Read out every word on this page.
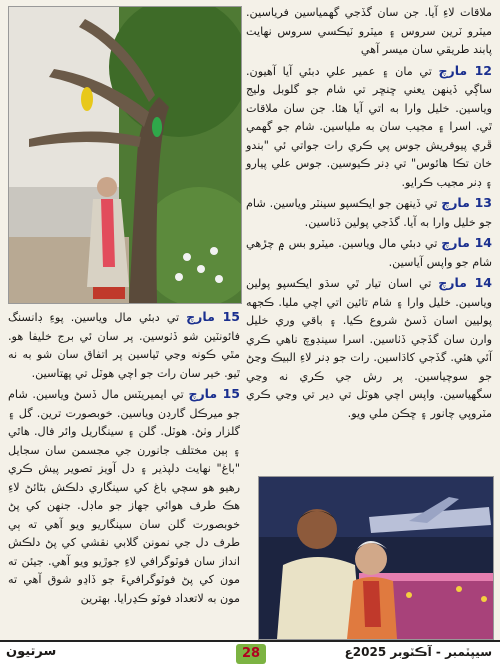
ملاقات لاءِ آيا. جن سان گڏجي گهمياسين فرياسين. ميٽرو ٽرين سروس ۽ ميٽرو ٽيڪسي سروس نهايت پابند طريقي سان ميسر آهي

12 مارچ تي مان ۽ عمير علي دبئي آيا آهيون. ساڳي ڏينهن يعني ڇنڇر تي شام جو گلوبل وليج وياسين. خليل وارا به اتي آيا هئا. جن سان ملاقات ٿي. اسرا ۽ مجيب سان به ملياسين. شام جو گهمي ڦري پيوفريش جوس پي ڪري رات جواتي ئي "بندو خان تڪا هائوس" تي ڊنر ڪيوسين. جوس علي پيارو ۽ ڊنر مجيب ڪرايو.

13 مارچ تي ڏينهن جو ايڪسپو سينٽر وياسين. شام جو خليل وارا به آيا. گڏجي پولين ڏٺاسين.

14 مارچ تي دبئي مال وياسين. ميٽرو بس ۾ چڙهي شام جو واپس آياسين.

14 مارچ تي اسان تيار ٿي سڌو ايڪسپو پولين وياسين. خليل وارا ۽ شام تائين اتي اچي مليا. ڪجهه پوليين اسان ڏسڻ شروع ڪيا. ۽ باقي وري خليل وارن سان گڏجي ڏٺاسين. اسرا سينڊوچ ناهي ڪري آئي هئي. گڏجي کاڌاسين. رات جو ڊنر لاءِ البيڪ وڃڻ جو سوچياسين. پر رش جي ڪري نه وڃي سگهياسين. واپس اچي هوٽل تي دير تي وڃي ڪري مٽروپي چانور ۽ ڇڪن ملي ويو.

15 مارچ تي دبئي مال وياسين. پوءِ ڊانسنگ فائونٽين شو ڏٺوسين. پر سان ئي برج خليفا هو. مٿي ڪونه وڃي ٿياسين پر اتفاق سان شو به نه ٿيو. خير سان رات جو اچي هوٽل تي پهتاسين.

15 مارچ تي ايميريٽس مال ڏسڻ وياسين. شام جو ميرڪل گارڊن وياسين. خوبصورت ترين. گل ۽ گلزار وٺڻ. هوٽل. گلن ۽ سينگاريل وائر فال. هاٿي ۽ ٻين مختلف جانورن جي مجسمن سان سجايل "باغ" نهايت دلپذير ۽ دل آويز تصوير پيش ڪري رهيو هو سچي باغ کي سينگاري دلڪش بڻائڻ لاءِ هڪ طرف هوائي جهاز جو ماڊل. جنهن کي پڻ خوبصورت گلن سان سينگاريو ويو آهي ته ٻي طرف دل جي نمونن گلابي نقشي کي پڻ دلڪش انداز سان فوٽوگرافي لاءِ جوڙيو ويو آهي. جيئن ته مون کي پڻ فوٽوگرافيءَ جو ڏاڍو شوق آهي ته مون به لاتعداد فوٽو ڪڍرايا. بهترين

سرتيون	28	سيپٽمبر - آڪٽوبر 2025ع
